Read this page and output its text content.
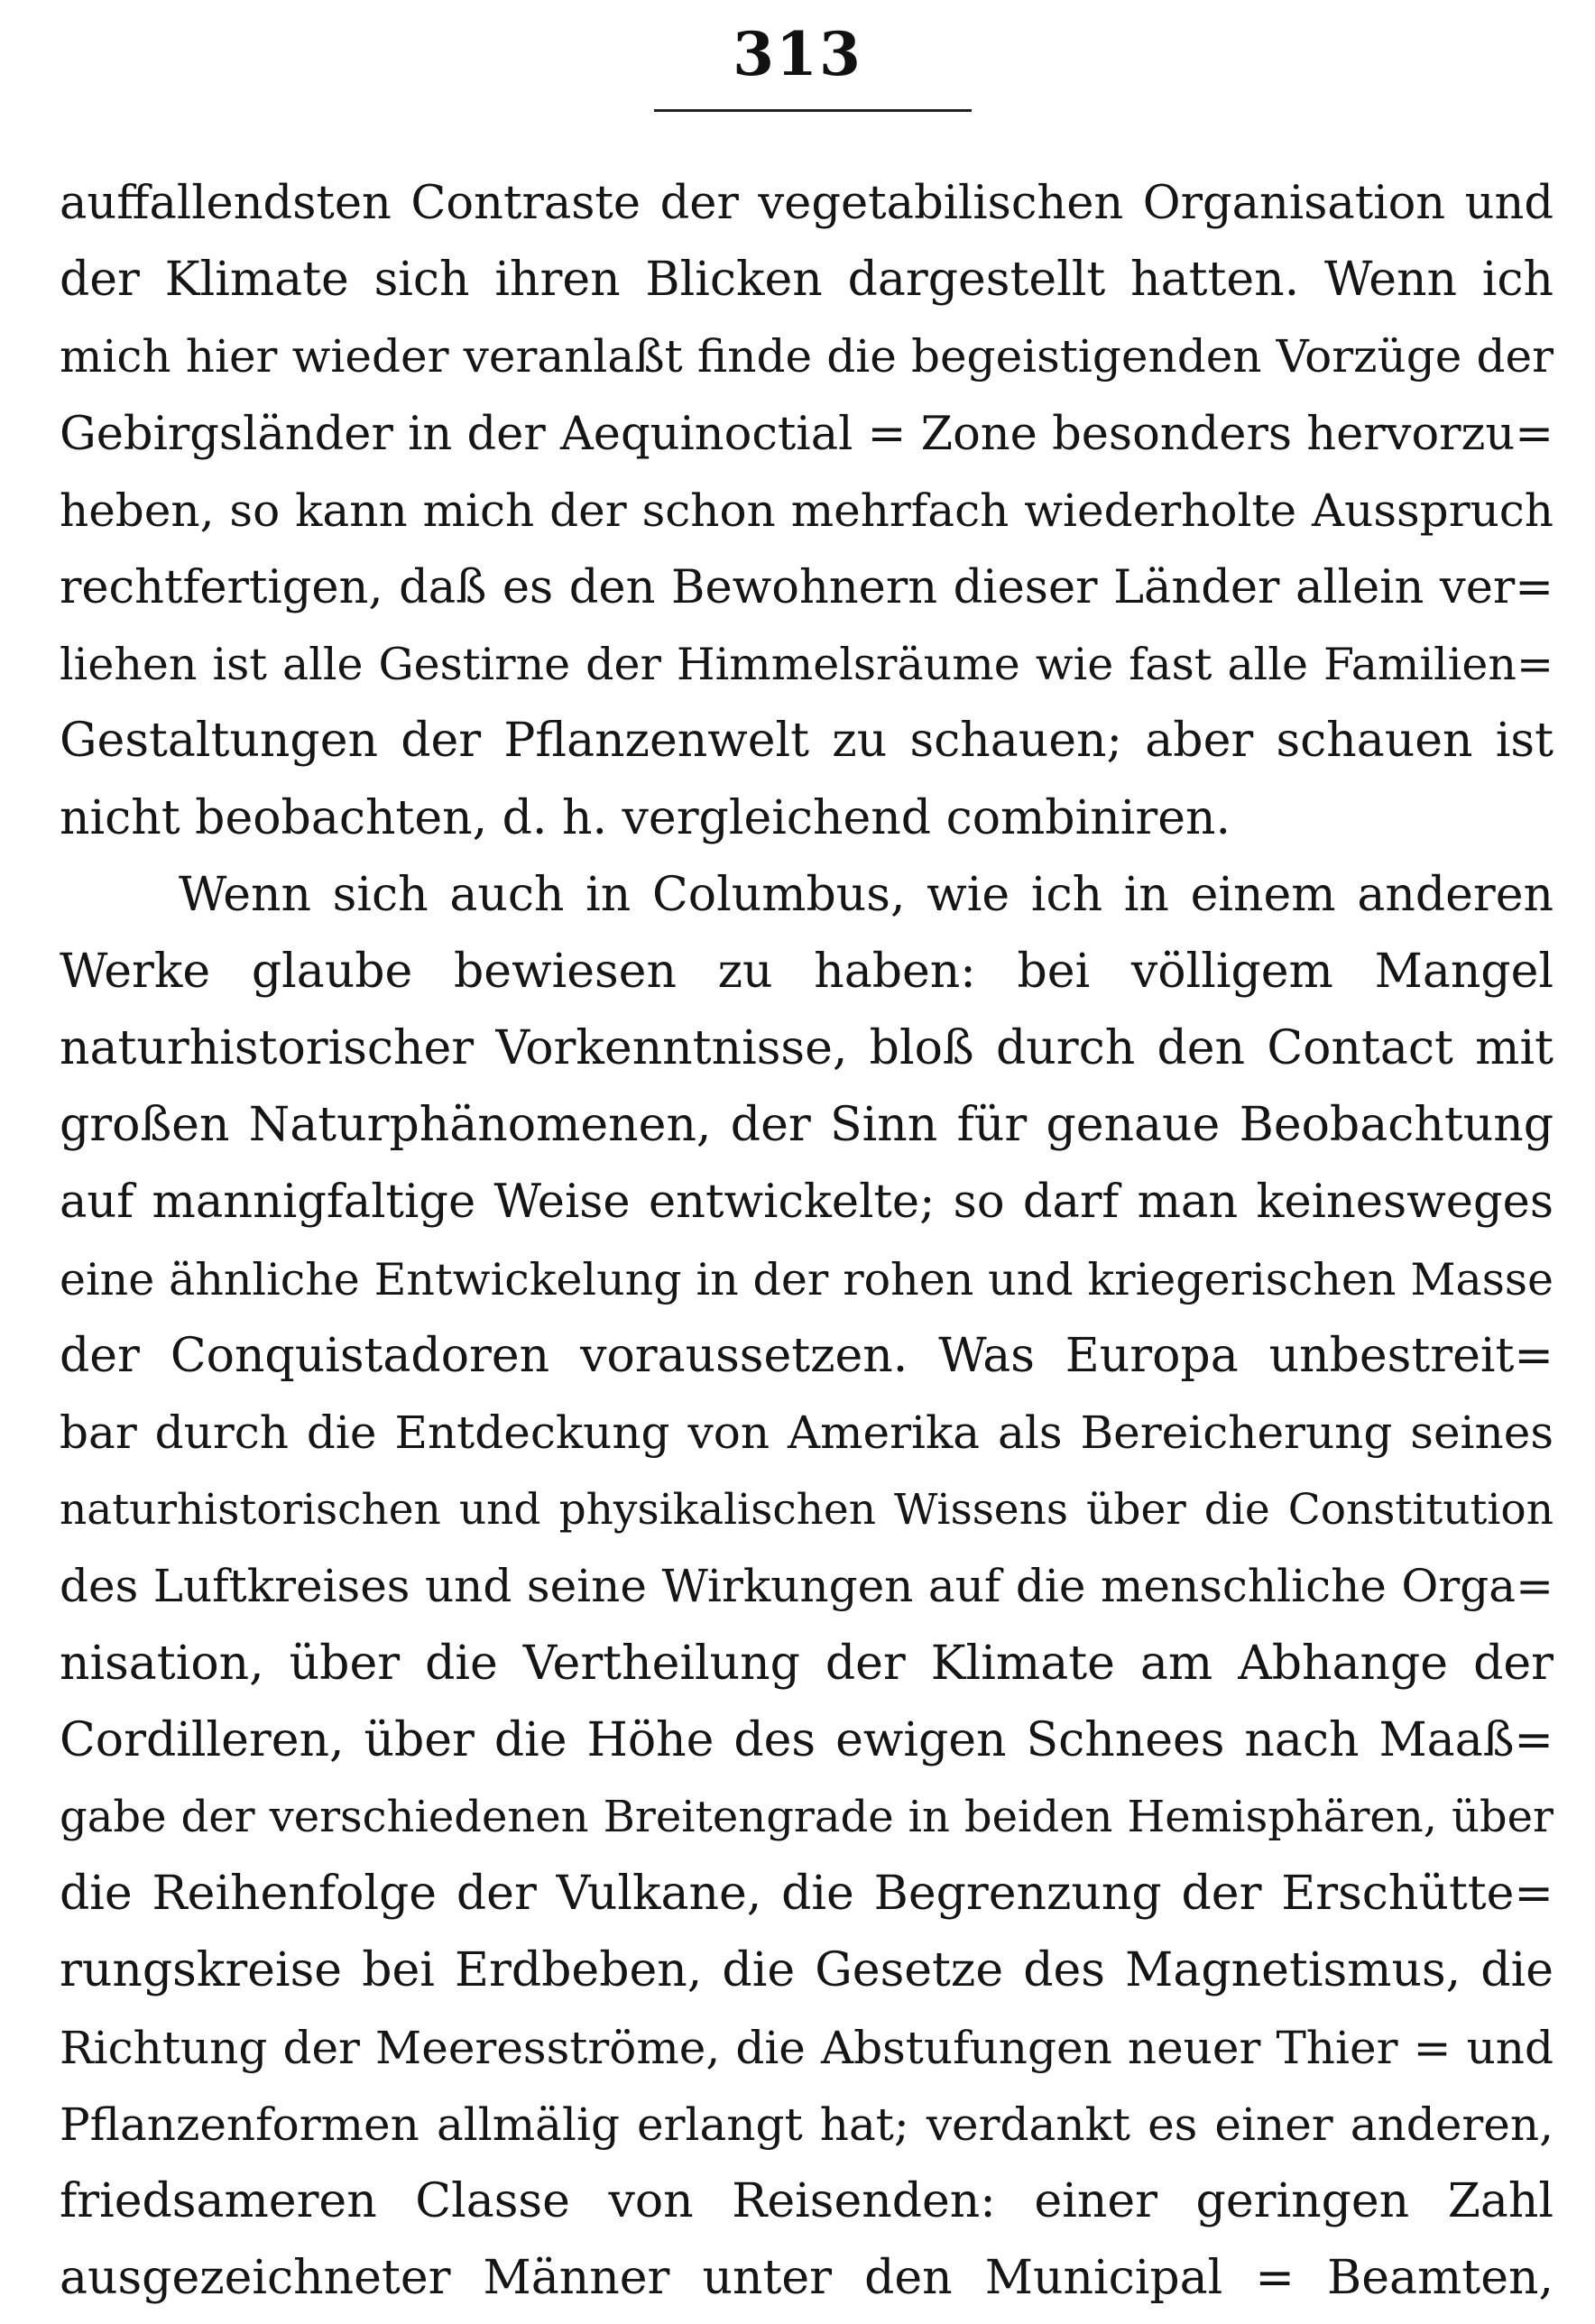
313
auffallendsten Contraste der vegetabilischen Organisation und
der Klimate sich ihren Blicken dargestellt hatten. Wenn ich
mich hier wieder veranlaßt finde die begeistigenden Vorzüge der
Gebirgsländer in der Aequinoctial = Zone besonders hervorzu=
heben, so kann mich der schon mehrfach wiederholte Ausspruch
rechtfertigen, daß es den Bewohnern dieser Länder allein ver=
liehen ist alle Gestirne der Himmelsräume wie fast alle Familien=
Gestaltungen der Pflanzenwelt zu schauen; aber schauen ist
nicht beobachten, d. h. vergleichend combiniren.
Wenn sich auch in Columbus, wie ich in einem anderen
Werke glaube bewiesen zu haben: bei völligem Mangel
naturhistorischer Vorkenntnisse, bloß durch den Contact mit
großen Naturphänomenen, der Sinn für genaue Beobachtung
auf mannigfaltige Weise entwickelte; so darf man keinesweges
eine ähnliche Entwickelung in der rohen und kriegerischen Masse
der Conquistadoren voraussetzen. Was Europa unbestreit=
bar durch die Entdeckung von Amerika als Bereicherung seines
naturhistorischen und physikalischen Wissens über die Constitution
des Luftkreises und seine Wirkungen auf die menschliche Orga=
nisation, über die Vertheilung der Klimate am Abhange der
Cordilleren, über die Höhe des ewigen Schnees nach Maaß=
gabe der verschiedenen Breitengrade in beiden Hemisphären, über
die Reihenfolge der Vulkane, die Begrenzung der Erschütte=
rungskreise bei Erdbeben, die Gesetze des Magnetismus, die
Richtung der Meeresströme, die Abstufungen neuer Thier = und
Pflanzenformen allmälig erlangt hat; verdankt es einer anderen,
friedsameren Classe von Reisenden: einer geringen Zahl
ausgezeichneter Männer unter den Municipal = Beamten,
